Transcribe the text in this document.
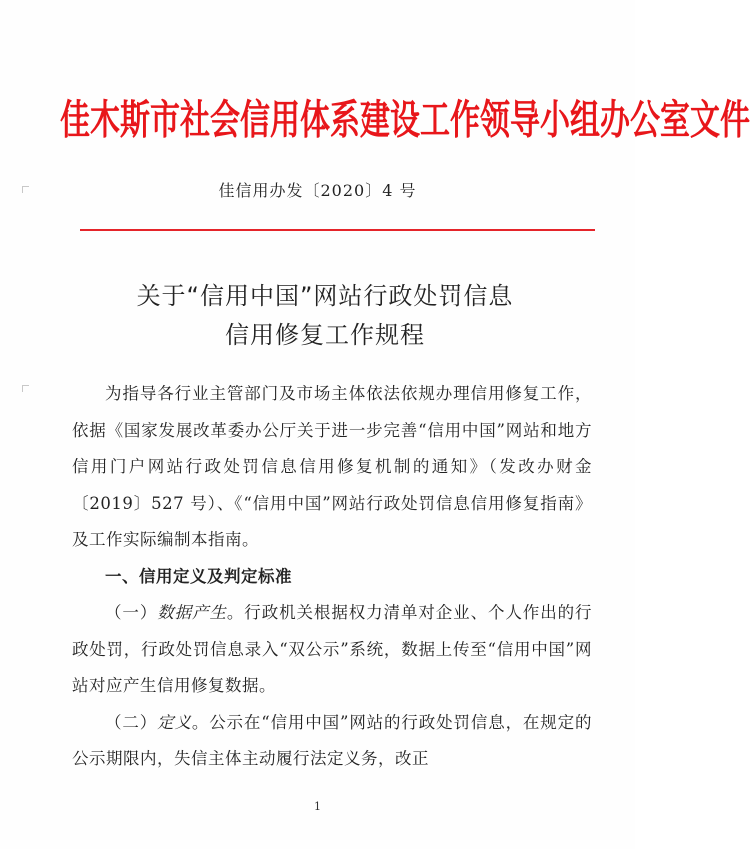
佳木斯市社会信用体系建设工作领导小组办公室文件
佳信用办发〔2020〕4 号
关于“信用中国”网站行政处罚信息
信用修复工作规程

为指导各行业主管部门及市场主体依法依规办理信用修复工作，依据《国家发展改革委办公厅关于进一步完善“信用中国”网站和地方信用门户网站行政处罚信息信用修复机制的通知》（发改办财金〔2019〕527 号）、《“信用中国”网站行政处罚信息信用修复指南》及工作实际编制本指南。

一、信用定义及判定标准

（一）数据产生。行政机关根据权力清单对企业、个人作出的行政处罚，行政处罚信息录入“双公示”系统，数据上传至“信用中国”网站对应产生信用修复数据。

（二）定义。公示在“信用中国”网站的行政处罚信息，在规定的公示期限内，失信主体主动履行法定义务，改正

1
